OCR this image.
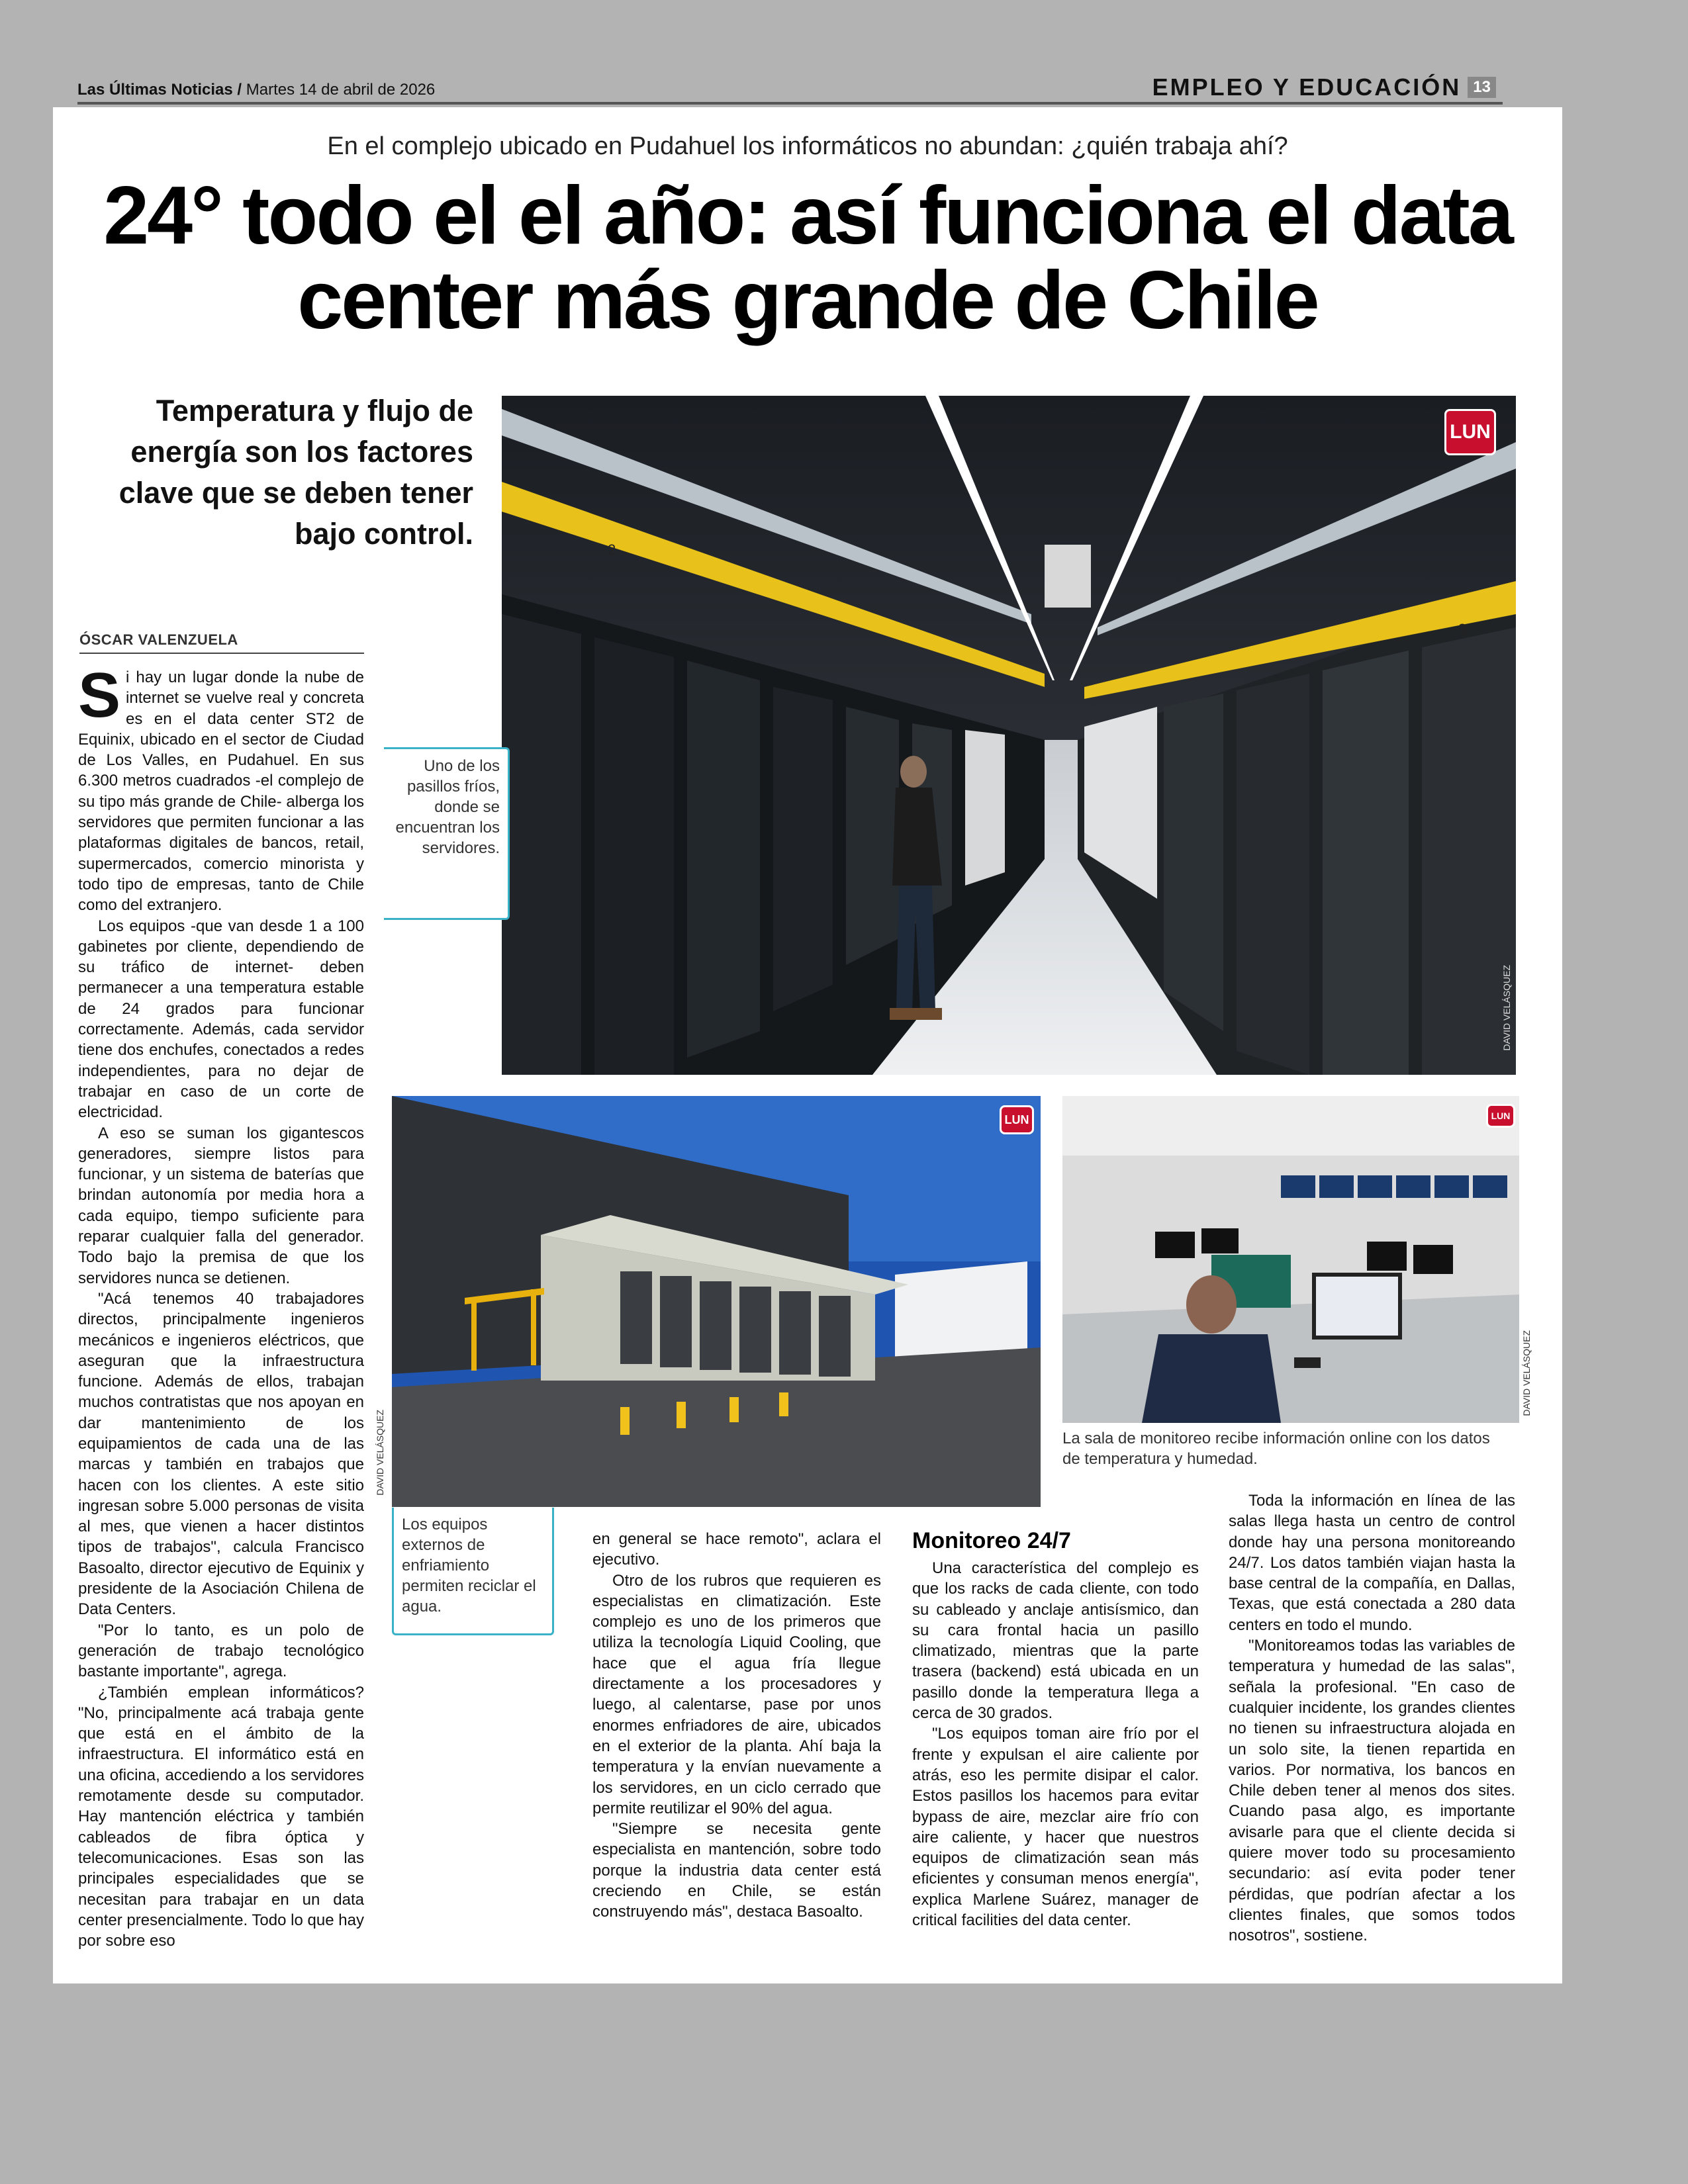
Las Últimas Noticias / Martes 14 de abril de 2026	EMPLEO Y EDUCACIÓN 13
En el complejo ubicado en Pudahuel los informáticos no abundan: ¿quién trabaja ahí?
24° todo el el año: así funciona el data
center más grande de Chile
Temperatura y flujo de energía son los factores clave que se deben tener bajo control.
ÓSCAR VALENZUELA
2
3
LUN
DAVID VELÁSQUEZ
Uno de los pasillos fríos, donde se encuentran los servidores.
LUN
DAVID VELÁSQUEZ
Los equipos externos de enfriamiento permiten reciclar el agua.
LUN
DAVID VELÁSQUEZ
La sala de monitoreo recibe información online con los datos de temperatura y humedad.

Si hay un lugar donde la nube de internet se vuelve real y concreta es en el data center ST2 de Equinix, ubicado en el sector de Ciudad de Los Valles, en Pudahuel. En sus 6.300 metros cuadrados -el complejo de su tipo más grande de Chile- alberga los servidores que permiten funcionar a las plataformas digitales de bancos, retail, supermercados, comercio minorista y todo tipo de empresas, tanto de Chile como del extranjero.

Los equipos -que van desde 1 a 100 gabinetes por cliente, dependiendo de su tráfico de internet- deben permanecer a una temperatura estable de 24 grados para funcionar correctamente. Además, cada servidor tiene dos enchufes, conectados a redes independientes, para no dejar de trabajar en caso de un corte de electricidad.

A eso se suman los gigantescos generadores, siempre listos para funcionar, y un sistema de baterías que brindan autonomía por media hora a cada equipo, tiempo suficiente para reparar cualquier falla del generador. Todo bajo la premisa de que los servidores nunca se detienen.

"Acá tenemos 40 trabajadores directos, principalmente ingenieros mecánicos e ingenieros eléctricos, que aseguran que la infraestructura funcione. Además de ellos, trabajan muchos contratistas que nos apoyan en dar mantenimiento de los equipamientos de cada una de las marcas y también en trabajos que hacen con los clientes. A este sitio ingresan sobre 5.000 personas de visita al mes, que vienen a hacer distintos tipos de trabajos", calcula Francisco Basoalto, director ejecutivo de Equinix y presidente de la Asociación Chilena de Data Centers.

"Por lo tanto, es un polo de generación de trabajo tecnológico bastante importante", agrega.

¿También emplean informáticos? "No, principalmente acá trabaja gente que está en el ámbito de la infraestructura. El informático está en una oficina, accediendo a los servidores remotamente desde su computador. Hay mantención eléctrica y también cableados de fibra óptica y telecomunicaciones. Esas son las principales especialidades que se necesitan para trabajar en un data center presencialmente. Todo lo que hay por sobre eso

en general se hace remoto", aclara el ejecutivo.

Otro de los rubros que requieren es especialistas en climatización. Este complejo es uno de los primeros que utiliza la tecnología Liquid Cooling, que hace que el agua fría llegue directamente a los procesadores y luego, al calentarse, pase por unos enormes enfriadores de aire, ubicados en el exterior de la planta. Ahí baja la temperatura y la envían nuevamente a los servidores, en un ciclo cerrado que permite reutilizar el 90% del agua.

"Siempre se necesita gente especialista en mantención, sobre todo porque la industria data center está creciendo en Chile, se están construyendo más", destaca Basoalto.

Monitoreo 24/7

Una característica del complejo es que los racks de cada cliente, con todo su cableado y anclaje antisísmico, dan su cara frontal hacia un pasillo climatizado, mientras que la parte trasera (backend) está ubicada en un pasillo donde la temperatura llega a cerca de 30 grados.

"Los equipos toman aire frío por el frente y expulsan el aire caliente por atrás, eso les permite disipar el calor. Estos pasillos los hacemos para evitar bypass de aire, mezclar aire frío con aire caliente, y hacer que nuestros equipos de climatización sean más eficientes y consuman menos energía", explica Marlene Suárez, manager de critical facilities del data center.

Toda la información en línea de las salas llega hasta un centro de control donde hay una persona monitoreando 24/7. Los datos también viajan hasta la base central de la compañía, en Dallas, Texas, que está conectada a 280 data centers en todo el mundo.

"Monitoreamos todas las variables de temperatura y humedad de las salas", señala la profesional. "En caso de cualquier incidente, los grandes clientes no tienen su infraestructura alojada en un solo site, la tienen repartida en varios. Por normativa, los bancos en Chile deben tener al menos dos sites. Cuando pasa algo, es importante avisarle para que el cliente decida si quiere mover todo su procesamiento secundario: así evita poder tener pérdidas, que podrían afectar a los clientes finales, que somos todos nosotros", sostiene.
